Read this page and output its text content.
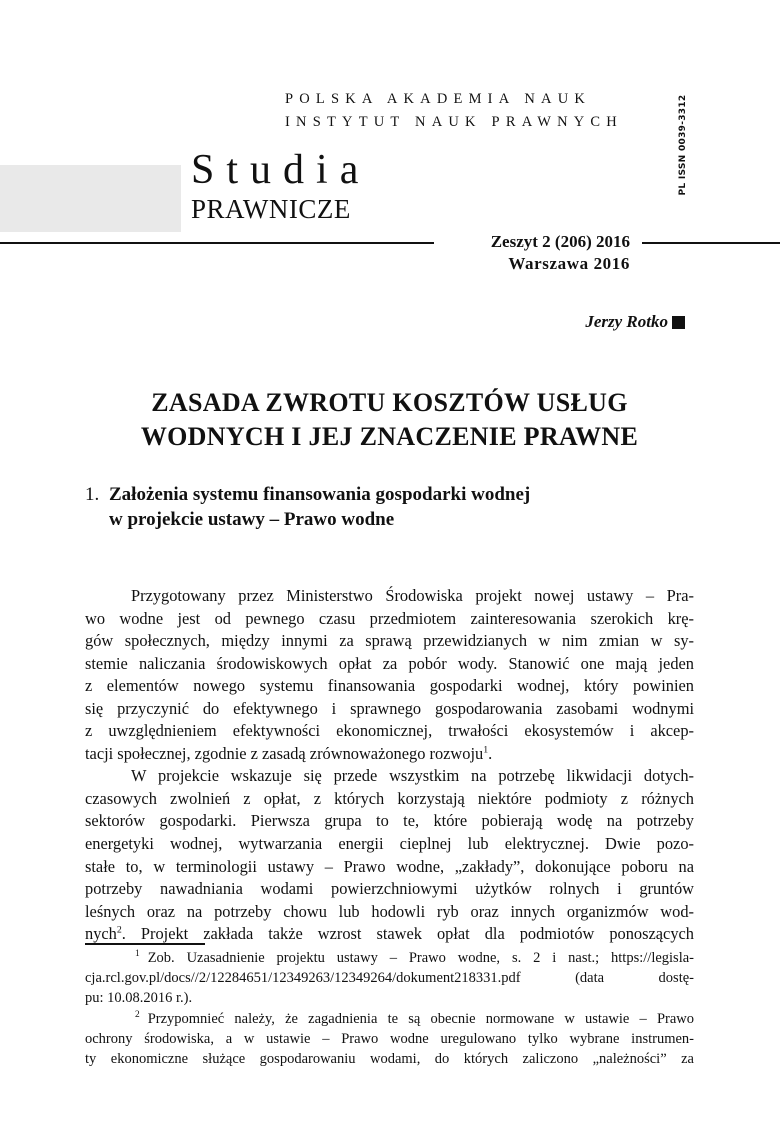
POLSKA AKADEMIA NAUK
INSTYTUT NAUK PRAWNYCH	PL ISSN 0039-3312
Studia
PRAWNICZE
Zeszyt 2 (206) 2016
Warszawa 2016
Jerzy Rotko
ZASADA ZWROTU KOSZTÓW USŁUG WODNYCH I JEJ ZNACZENIE PRAWNE
1. Założenia systemu finansowania gospodarki wodnej
w projekcie ustawy – Prawo wodne
Przygotowany przez Ministerstwo Środowiska projekt nowej ustawy – Pra-
wo wodne jest od pewnego czasu przedmiotem zainteresowania szerokich krę-
gów społecznych, między innymi za sprawą przewidzianych w nim zmian w sy-
stemie naliczania środowiskowych opłat za pobór wody. Stanowić one mają jeden
z elementów nowego systemu finansowania gospodarki wodnej, który powinien
się przyczynić do efektywnego i sprawnego gospodarowania zasobami wodnymi
z uwzględnieniem efektywności ekonomicznej, trwałości ekosystemów i akcep-
tacji społecznej, zgodnie z zasadą zrównoważonego rozwoju$^1$.
W projekcie wskazuje się przede wszystkim na potrzebę likwidacji dotych-
czasowych zwolnień z opłat, z których korzystają niektóre podmioty z różnych
sektorów gospodarki. Pierwsza grupa to te, które pobierają wodę na potrzeby
energetyki wodnej, wytwarzania energii cieplnej lub elektrycznej. Dwie pozo-
stałe to, w terminologii ustawy – Prawo wodne, „zakłady”, dokonujące poboru na
potrzeby nawadniania wodami powierzchniowymi użytków rolnych i gruntów
leśnych oraz na potrzeby chowu lub hodowli ryb oraz innych organizmów wod-
nych$^2$. Projekt zakłada także wzrost stawek opłat dla podmiotów ponoszących
$^1$ Zob. Uzasadnienie projektu ustawy – Prawo wodne, s. 2 i nast.; https://legisla-
cja.rcl.gov.pl/docs//2/12284651/12349263/12349264/dokument218331.pdf (data dostę-
pu: 10.08.2016 r.).
$^2$ Przypomnieć należy, że zagadnienia te są obecnie normowane w ustawie – Prawo
ochrony środowiska, a w ustawie – Prawo wodne uregulowano tylko wybrane instrumen-
ty ekonomiczne służące gospodarowaniu wodami, do których zaliczono „należności” za
